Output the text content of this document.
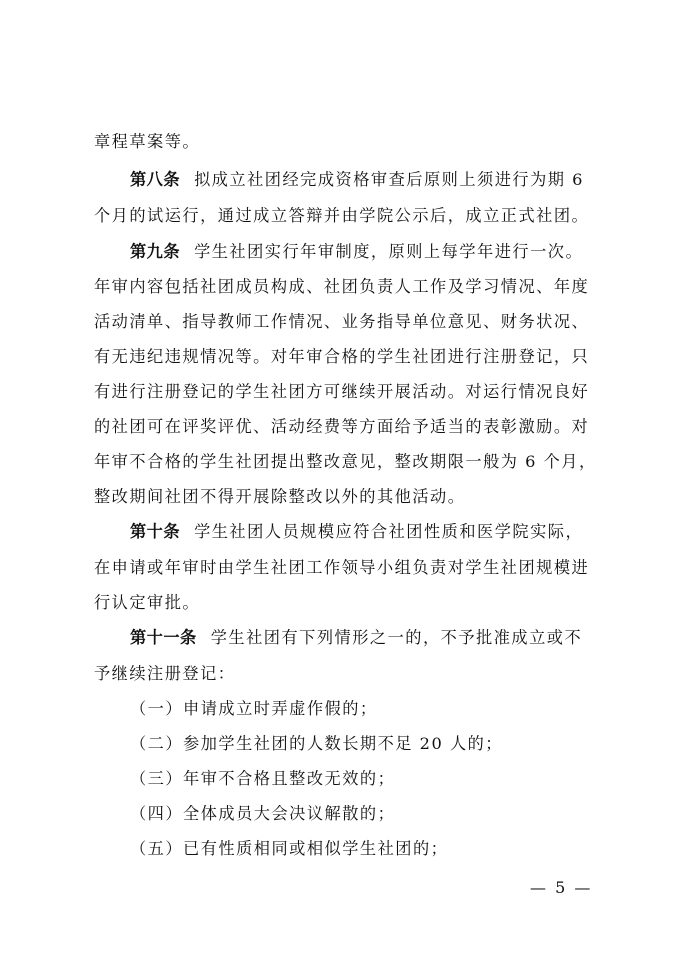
章程草案等。
第八条 拟成立社团经完成资格审查后原则上须进行为期 6
个月的试运行，通过成立答辩并由学院公示后，成立正式社团。
第九条 学生社团实行年审制度，原则上每学年进行一次。
年审内容包括社团成员构成、社团负责人工作及学习情况、年度
活动清单、指导教师工作情况、业务指导单位意见、财务状况、
有无违纪违规情况等。对年审合格的学生社团进行注册登记，只
有进行注册登记的学生社团方可继续开展活动。对运行情况良好
的社团可在评奖评优、活动经费等方面给予适当的表彰激励。对
年审不合格的学生社团提出整改意见，整改期限一般为 6 个月，
整改期间社团不得开展除整改以外的其他活动。
第十条 学生社团人员规模应符合社团性质和医学院实际，
在申请或年审时由学生社团工作领导小组负责对学生社团规模进
行认定审批。
第十一条 学生社团有下列情形之一的，不予批准成立或不
予继续注册登记：
（一）申请成立时弄虚作假的；
（二）参加学生社团的人数长期不足 20 人的；
（三）年审不合格且整改无效的；
（四）全体成员大会决议解散的；
（五）已有性质相同或相似学生社团的；
— 5 —
